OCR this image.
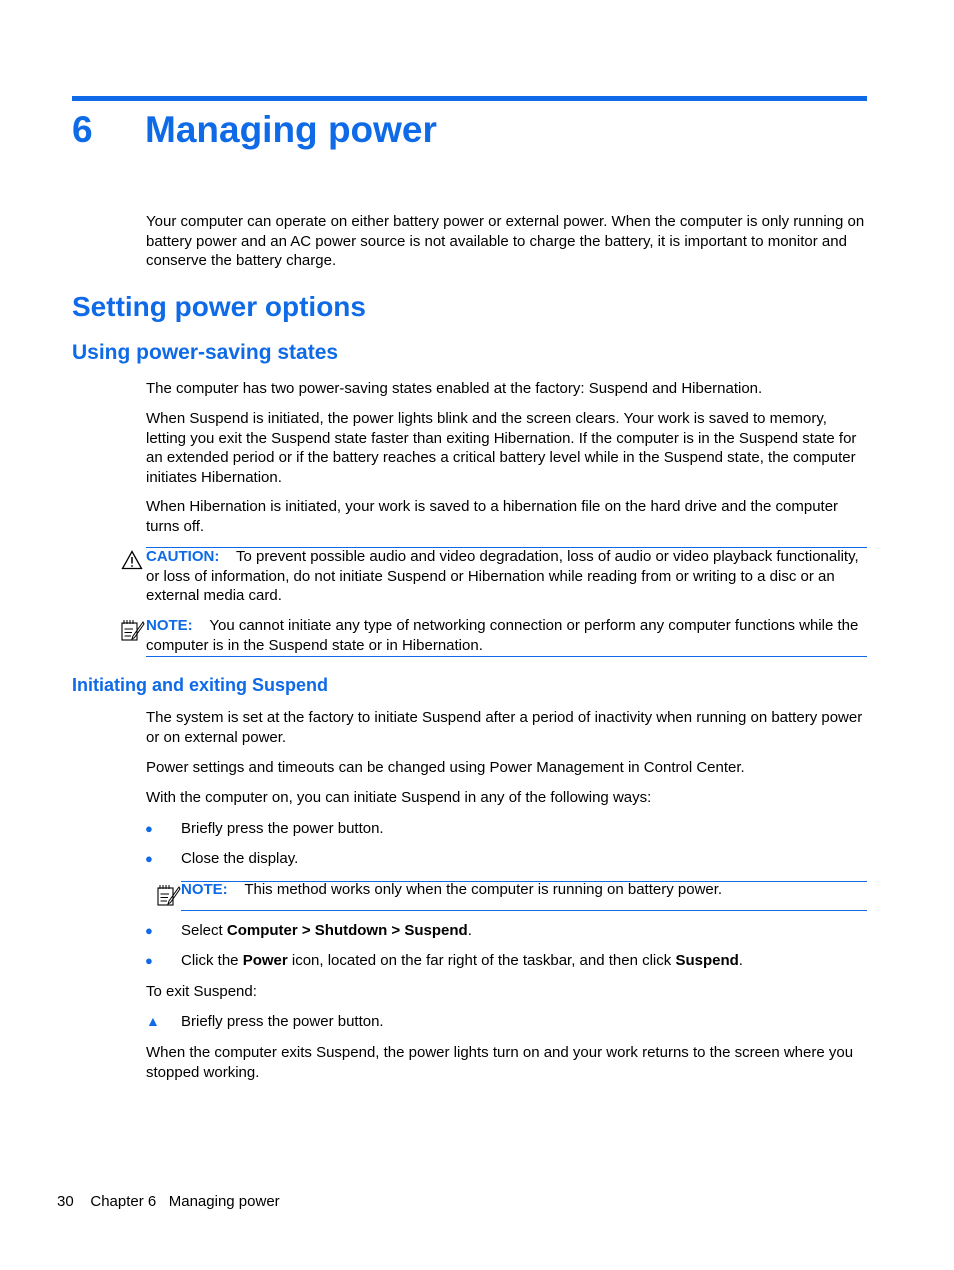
6 Managing power

Your computer can operate on either battery power or external power. When the computer is only running on battery power and an AC power source is not available to charge the battery, it is important to monitor and conserve the battery charge.

Setting power options
Using power-saving states

The computer has two power-saving states enabled at the factory: Suspend and Hibernation.

When Suspend is initiated, the power lights blink and the screen clears. Your work is saved to memory, letting you exit the Suspend state faster than exiting Hibernation. If the computer is in the Suspend state for an extended period or if the battery reaches a critical battery level while in the Suspend state, the computer initiates Hibernation.

When Hibernation is initiated, your work is saved to a hibernation file on the hard drive and the computer turns off.

CAUTION: To prevent possible audio and video degradation, loss of audio or video playback functionality, or loss of information, do not initiate Suspend or Hibernation while reading from or writing to a disc or an external media card.

NOTE: You cannot initiate any type of networking connection or perform any computer functions while the computer is in the Suspend state or in Hibernation.

Initiating and exiting Suspend

The system is set at the factory to initiate Suspend after a period of inactivity when running on battery power or on external power.

Power settings and timeouts can be changed using Power Management in Control Center.

With the computer on, you can initiate Suspend in any of the following ways:

● Briefly press the power button.

● Close the display.

NOTE: This method works only when the computer is running on battery power.

● Select Computer > Shutdown > Suspend.

● Click the Power icon, located on the far right of the taskbar, and then click Suspend.

To exit Suspend:

▲ Briefly press the power button.

When the computer exits Suspend, the power lights turn on and your work returns to the screen where you stopped working.

30 Chapter 6 Managing power
